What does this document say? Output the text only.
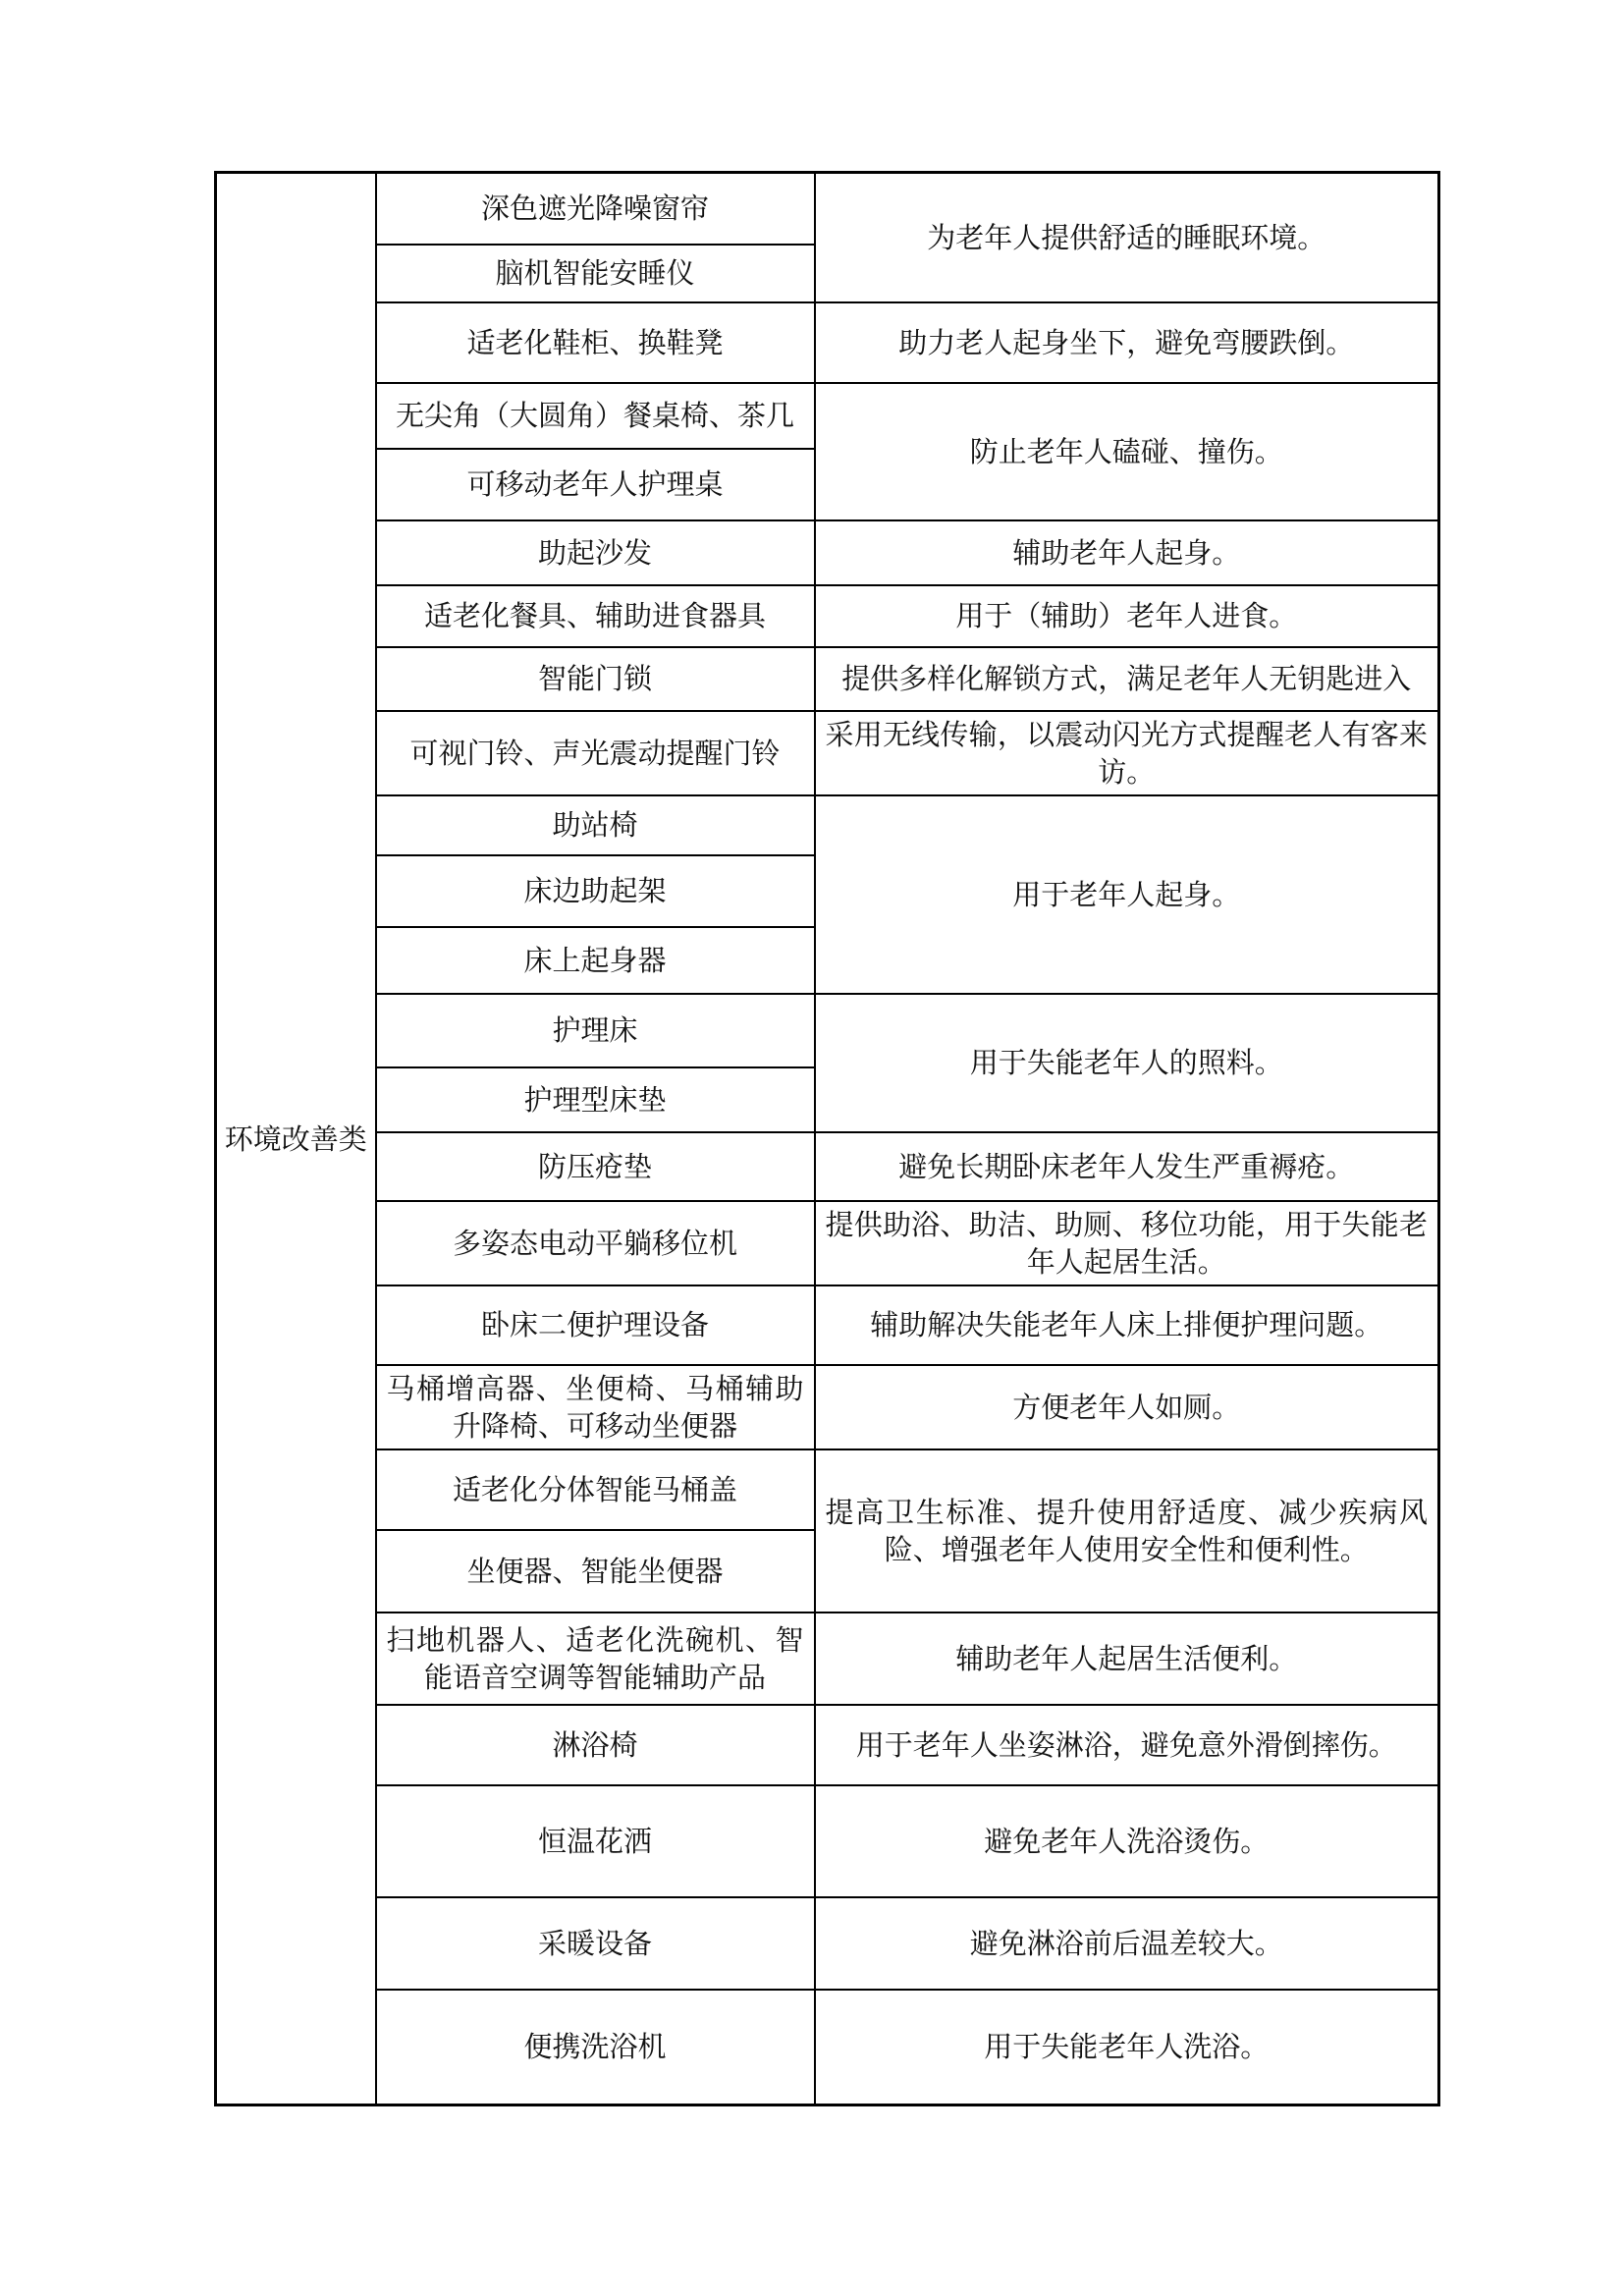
环境改善类	深色遮光降噪窗帘	为老年人提供舒适的睡眠环境。
	脑机智能安睡仪	
	适老化鞋柜、换鞋凳	助力老人起身坐下，避免弯腰跌倒。
	无尖角（大圆角）餐桌椅、茶几	防止老年人磕碰、撞伤。
	可移动老年人护理桌	
	助起沙发	辅助老年人起身。
	适老化餐具、辅助进食器具	用于（辅助）老年人进食。
	智能门锁	提供多样化解锁方式，满足老年人无钥匙进入
	可视门铃、声光震动提醒门铃	采用无线传输，以震动闪光方式提醒老人有客来访。
	助站椅	用于老年人起身。
	床边助起架	
	床上起身器	
	护理床	用于失能老年人的照料。
	护理型床垫	
	防压疮垫	避免长期卧床老年人发生严重褥疮。
	多姿态电动平躺移位机	提供助浴、助洁、助厕、移位功能，用于失能老年人起居生活。
	卧床二便护理设备	辅助解决失能老年人床上排便护理问题。
	马桶增高器、坐便椅、马桶辅助升降椅、可移动坐便器	方便老年人如厕。
	适老化分体智能马桶盖	提高卫生标准、提升使用舒适度、减少疾病风险、增强老年人使用安全性和便利性。
	坐便器、智能坐便器	
	扫地机器人、适老化洗碗机、智能语音空调等智能辅助产品	辅助老年人起居生活便利。
	淋浴椅	用于老年人坐姿淋浴，避免意外滑倒摔伤。
	恒温花洒	避免老年人洗浴烫伤。
	采暖设备	避免淋浴前后温差较大。
	便携洗浴机	用于失能老年人洗浴。
